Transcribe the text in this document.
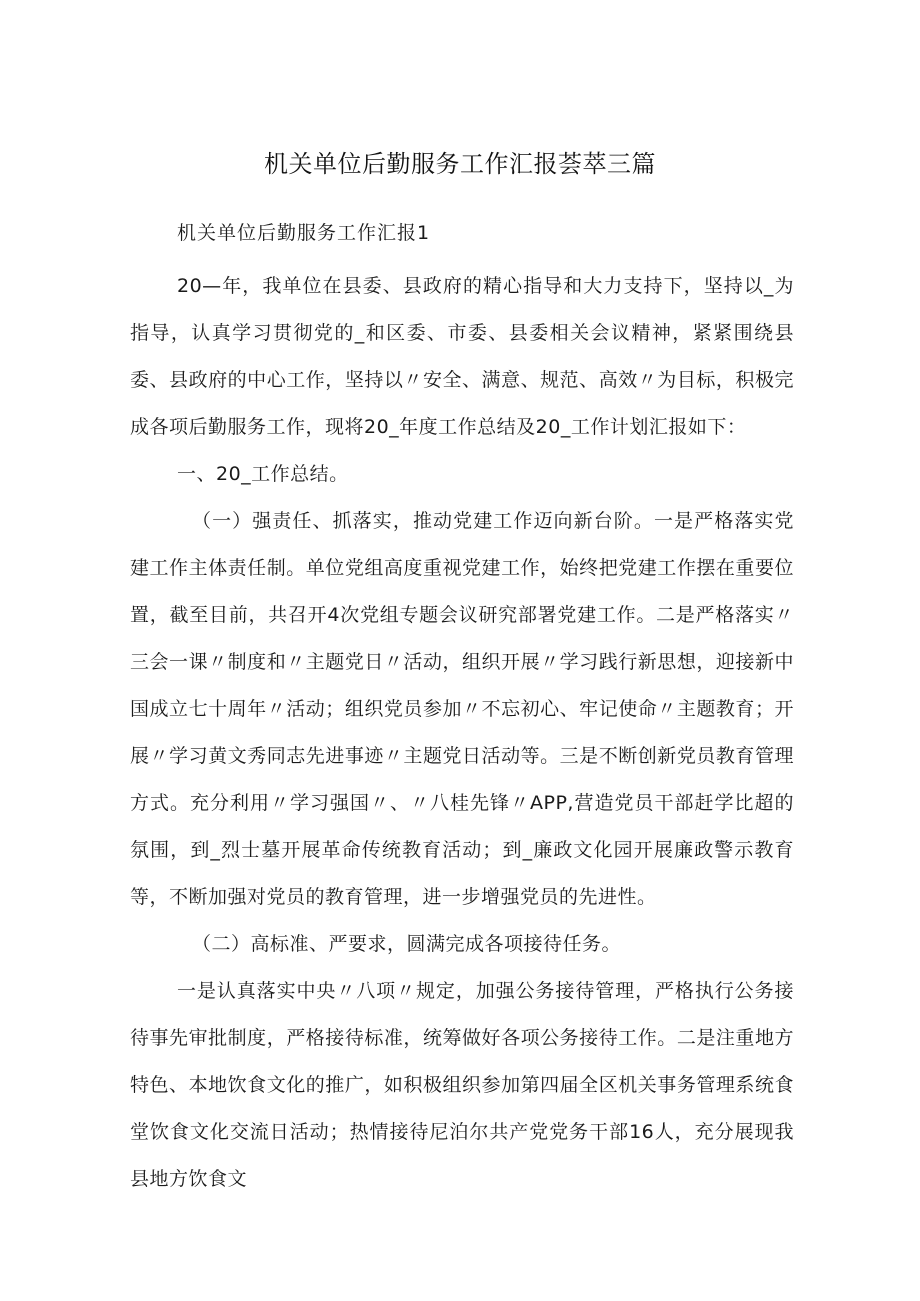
机关单位后勤服务工作汇报荟萃三篇

机关单位后勤服务工作汇报1

20—年，我单位在县委、县政府的精心指导和大力支持下，坚持以_为指导，认真学习贯彻党的_和区委、市委、县委相关会议精神，紧紧围绕县委、县政府的中心工作，坚持以〃安全、满意、规范、高效〃为目标，积极完成各项后勤服务工作，现将20_年度工作总结及20_工作计划汇报如下：

一、20_工作总结。

（一）强责任、抓落实，推动党建工作迈向新台阶。一是严格落实党建工作主体责任制。单位党组高度重视党建工作，始终把党建工作摆在重要位置，截至目前，共召开4次党组专题会议研究部署党建工作。二是严格落实〃三会一课〃制度和〃主题党日〃活动，组织开展〃学习践行新思想，迎接新中国成立七十周年〃活动；组织党员参加〃不忘初心、牢记使命〃主题教育；开展〃学习黄文秀同志先进事迹〃主题党日活动等。三是不断创新党员教育管理方式。充分利用〃学习强国〃、〃八桂先锋〃APP,营造党员干部赶学比超的氛围，到_烈士墓开展革命传统教育活动；到_廉政文化园开展廉政警示教育等，不断加强对党员的教育管理，进一步增强党员的先进性。

（二）高标准、严要求，圆满完成各项接待任务。

一是认真落实中央〃八项〃规定，加强公务接待管理，严格执行公务接待事先审批制度，严格接待标准，统筹做好各项公务接待工作。二是注重地方特色、本地饮食文化的推广，如积极组织参加第四届全区机关事务管理系统食堂饮食文化交流日活动；热情接待尼泊尔共产党党务干部16人，充分展现我县地方饮食文
